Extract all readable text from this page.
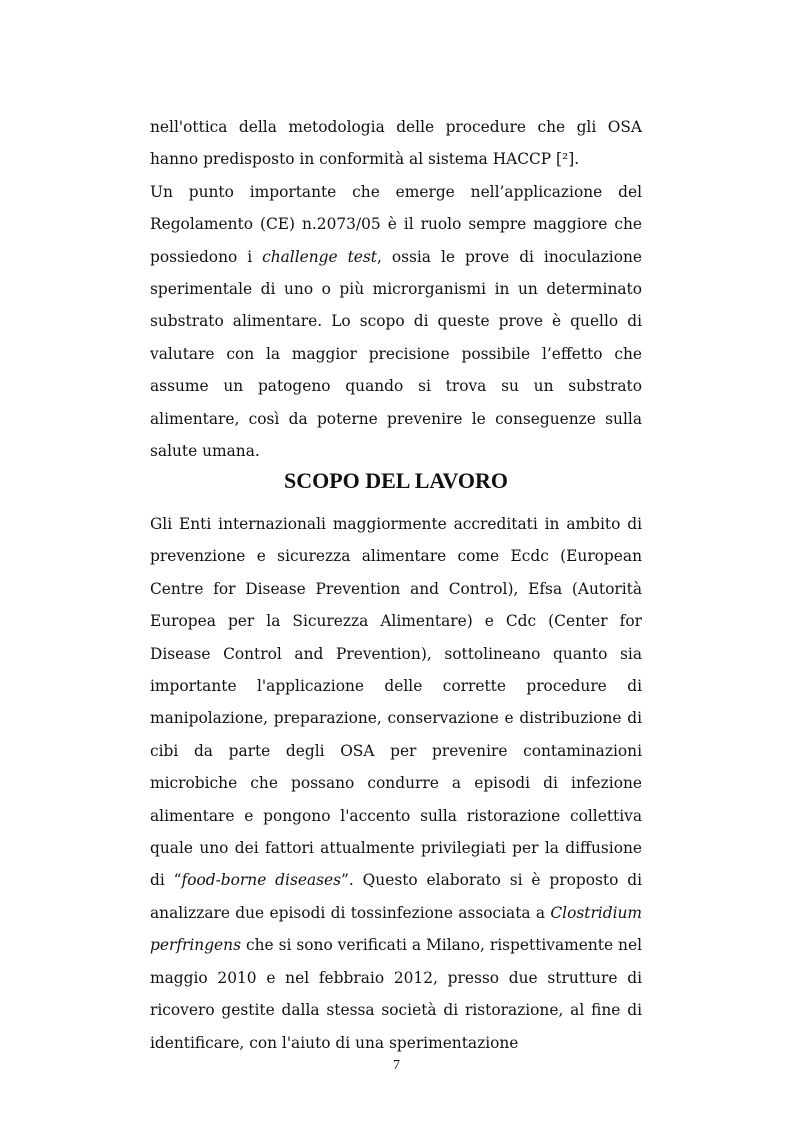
nell'ottica della metodologia delle procedure che gli OSA hanno predisposto in conformità al sistema HACCP [²].

Un punto importante che emerge nell’applicazione del Regolamento (CE) n.2073/05 è il ruolo sempre maggiore che possiedono i challenge test, ossia le prove di inoculazione sperimentale di uno o più microrganismi in un determinato substrato alimentare. Lo scopo di queste prove è quello di valutare con la maggior precisione possibile l’effetto che assume un patogeno quando si trova su un substrato alimentare, così da poterne prevenire le conseguenze sulla salute umana.

SCOPO DEL LAVORO

Gli Enti internazionali maggiormente accreditati in ambito di prevenzione e sicurezza alimentare come Ecdc (European Centre for Disease Prevention and Control), Efsa (Autorità Europea per la Sicurezza Alimentare) e Cdc (Center for Disease Control and Prevention), sottolineano quanto sia importante l'applicazione delle corrette procedure di manipolazione, preparazione, conservazione e distribuzione di cibi da parte degli OSA per prevenire contaminazioni microbiche che possano condurre a episodi di infezione alimentare e pongono l'accento sulla ristorazione collettiva quale uno dei fattori attualmente privilegiati per la diffusione di “food-borne diseases”. Questo elaborato si è proposto di analizzare due episodi di tossinfezione associata a Clostridium perfringens che si sono verificati a Milano, rispettivamente nel maggio 2010 e nel febbraio 2012, presso due strutture di ricovero gestite dalla stessa società di ristorazione, al fine di identificare, con l'aiuto di una sperimentazione

7
